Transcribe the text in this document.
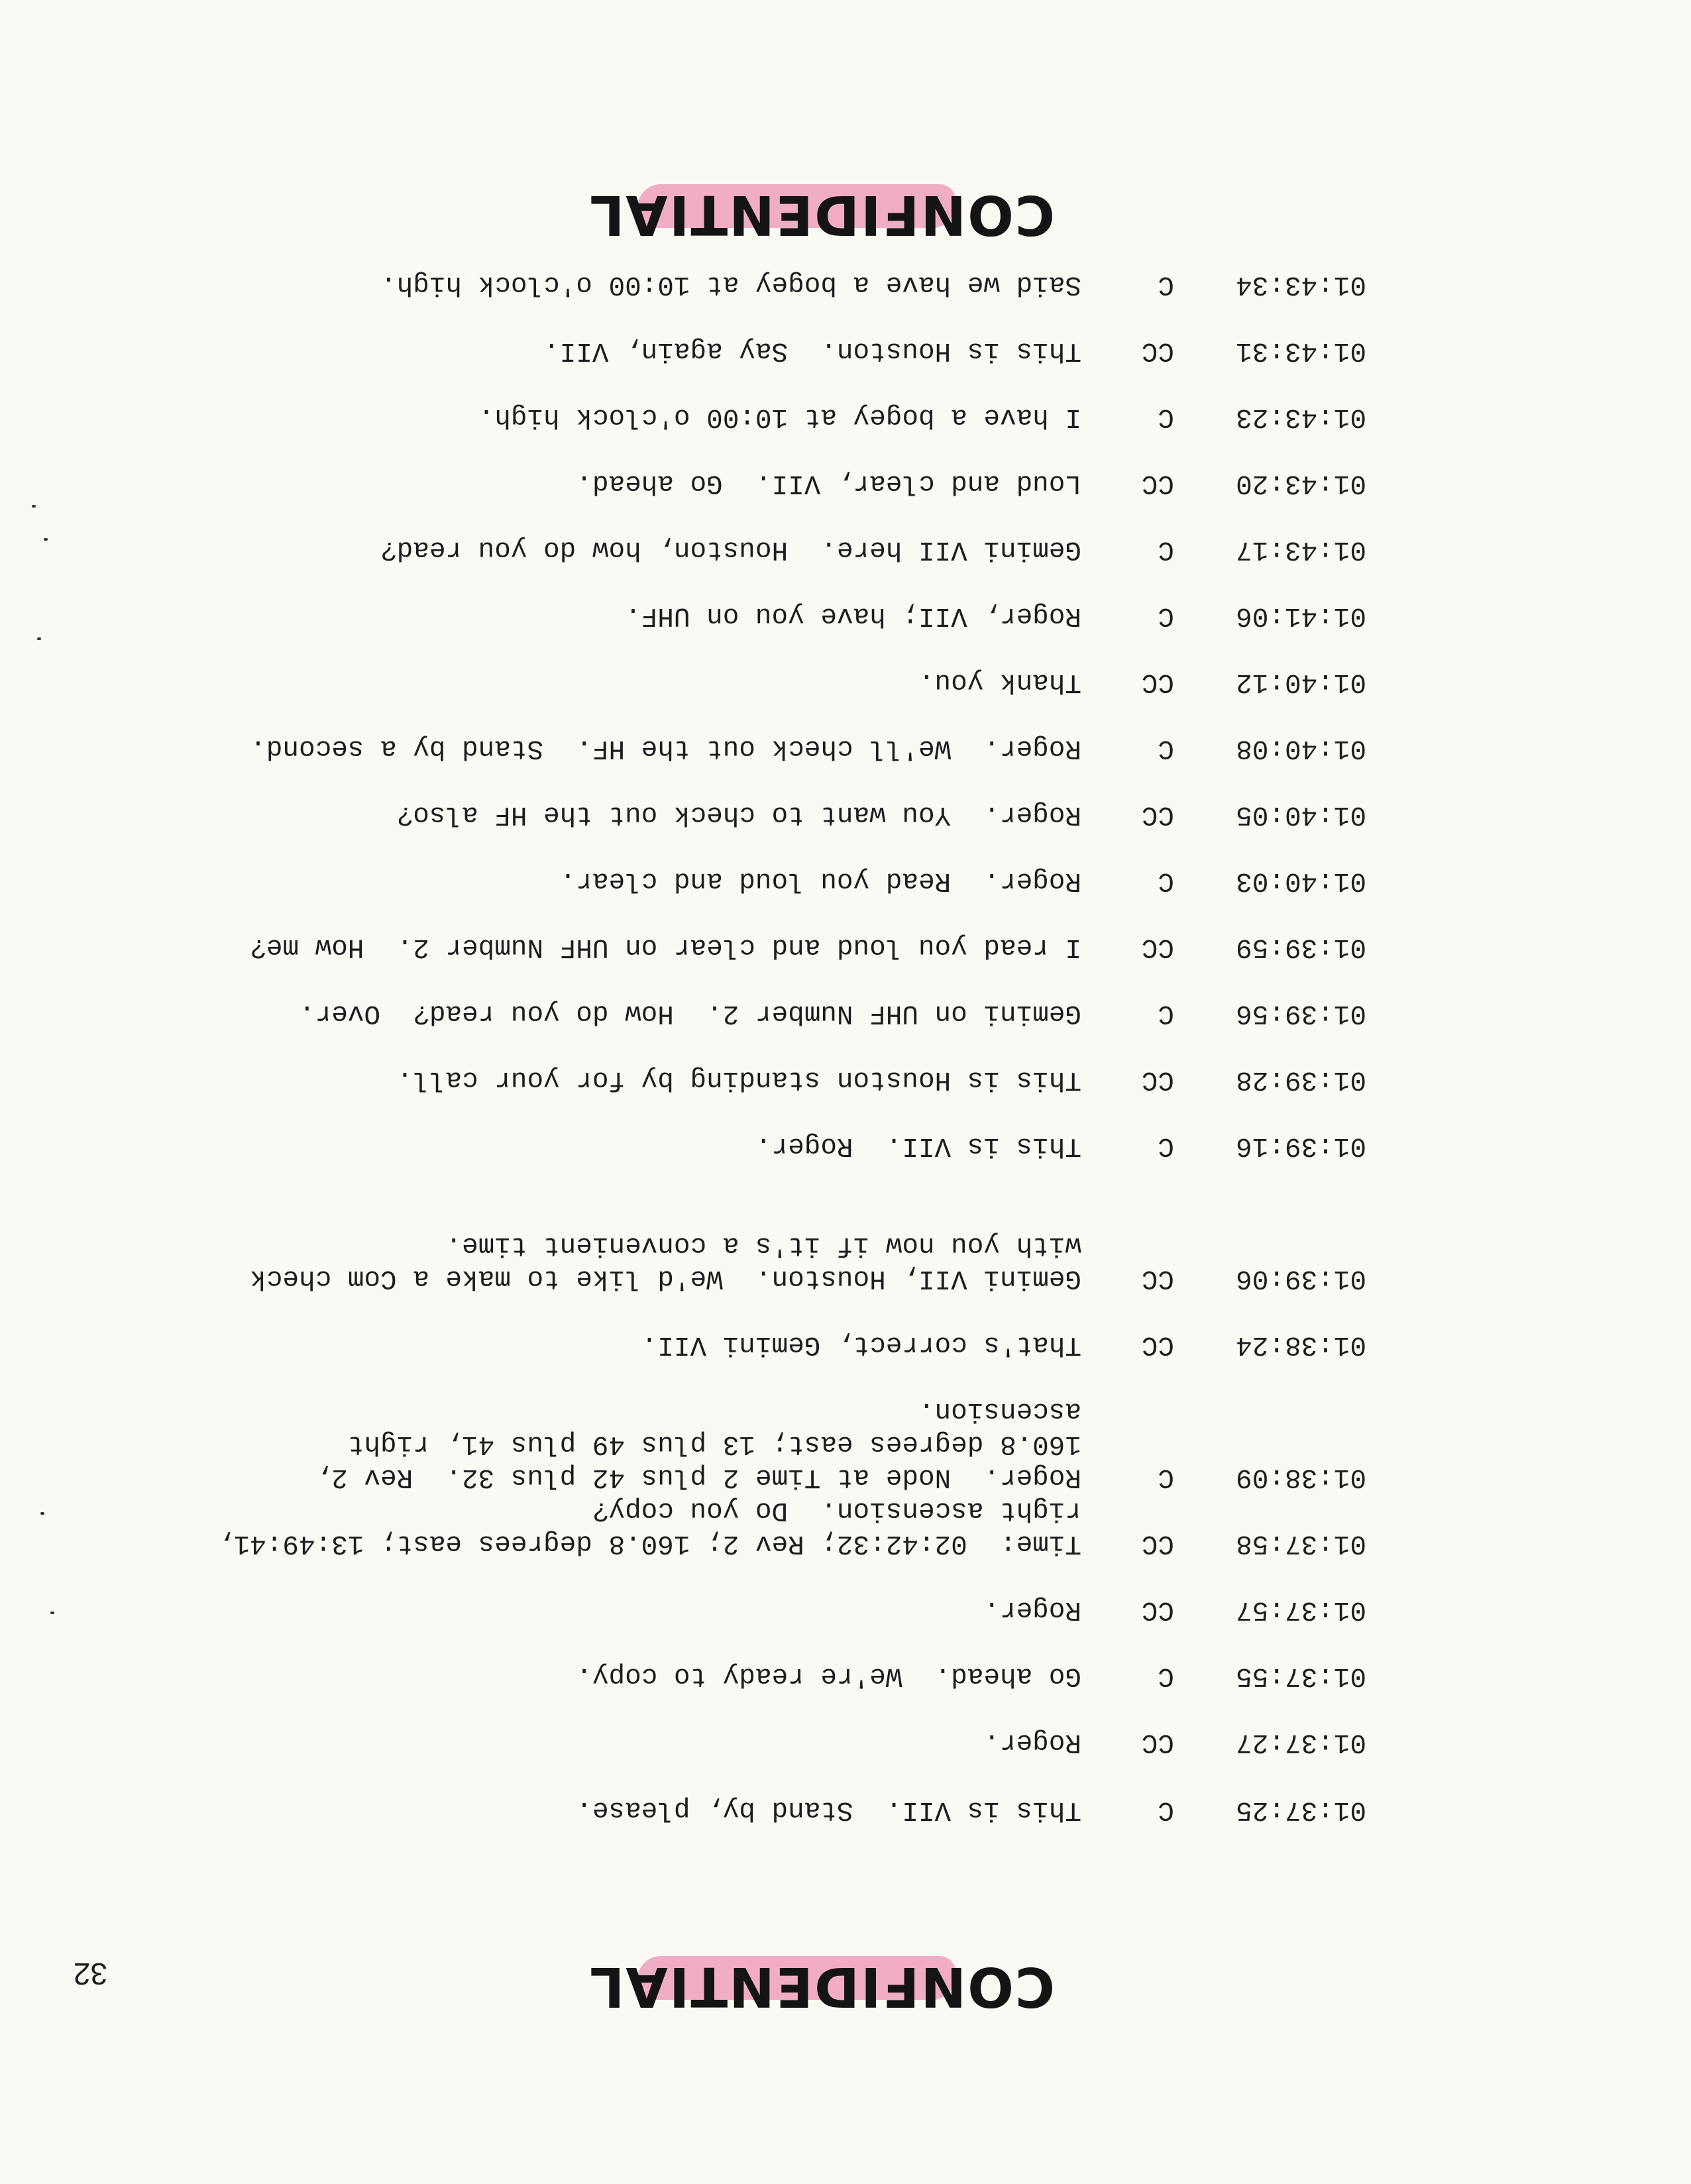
32	CONFIDENTIAL
01:37:25
C
This is VII.  Stand by, please.
01:37:27
CC
Roger.
01:37:55
C
Go ahead.  We're ready to copy.
01:37:57
CC
Roger.
01:37:58
CC
Time:  02:42:32; Rev 2; 160.8 degrees east; 13:49:41,
right ascension.  Do you copy?
01:38:09
C
Roger.  Node at Time 2 plus 42 plus 32.  Rev 2,
160.8 degrees east; 13 plus 49 plus 41, right
ascension.
01:38:24
CC
That's correct, Gemini VII.
01:39:06
CC
Gemini VII, Houston.  We'd like to make a Com check
with you now if it's a convenient time.
01:39:16
C
This is VII.  Roger.
01:39:28
CC
This is Houston standing by for your call.
01:39:56
C
Gemini on UHF Number 2.  How do you read?  Over.
01:39:59
CC
I read you loud and clear on UHF Number 2.  How me?
01:40:03
C
Roger.  Read you loud and clear.
01:40:05
CC
Roger.  You want to check out the HF also?
01:40:08
C
Roger.  We'll check out the HF.  Stand by a second.
01:40:12
CC
Thank you.
01:41:06
C
Roger, VII; have you on UHF.
01:43:17
C
Gemini VII here.  Houston, how do you read?
01:43:20
CC
Loud and clear, VII.  Go ahead.
01:43:23
C
I have a bogey at 10:00 o'clock high.
01:43:31
CC
This is Houston.  Say again, VII.
01:43:34
C
Said we have a bogey at 10:00 o'clock high.
CONFIDENTIAL
